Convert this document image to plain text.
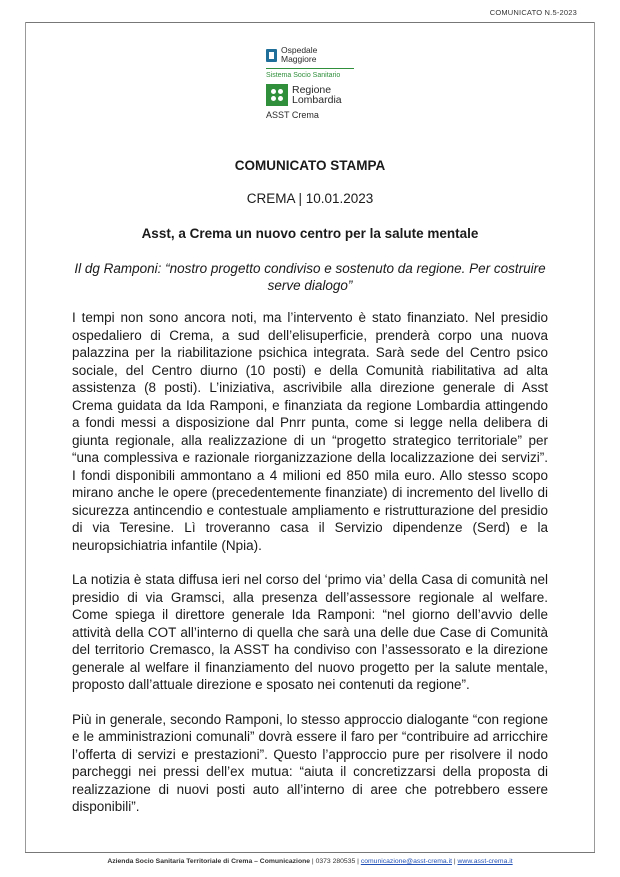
COMUNICATO N.5-2023
Ospedale
Maggiore
Sistema Socio Sanitario
Regione
Lombardia
ASST Crema
COMUNICATO STAMPA
CREMA | 10.01.2023
Asst, a Crema un nuovo centro per la salute mentale
Il dg Ramponi: “nostro progetto condiviso e sostenuto da regione. Per costruire serve dialogo”

I tempi non sono ancora noti, ma l’intervento è stato finanziato. Nel presidio ospedaliero di Crema, a sud dell’elisuperficie, prenderà corpo una nuova palazzina per la riabilitazione psichica integrata. Sarà sede del Centro psico sociale, del Centro diurno (10 posti) e della Comunità riabilitativa ad alta assistenza (8 posti). L’iniziativa, ascrivibile alla direzione generale di Asst Crema guidata da Ida Ramponi, e finanziata da regione Lombardia attingendo a fondi messi a disposizione dal Pnrr punta, come si legge nella delibera di giunta regionale, alla realizzazione di un “progetto strategico territoriale” per “una complessiva e razionale riorganizzazione della localizzazione dei servizi”. I fondi disponibili ammontano a 4 milioni ed 850 mila euro. Allo stesso scopo mirano anche le opere (precedentemente finanziate) di incremento del livello di sicurezza antincendio e contestuale ampliamento e ristrutturazione del presidio di via Teresine. Lì troveranno casa il Servizio dipendenze (Serd) e la neuropsichiatria infantile (Npia).

La notizia è stata diffusa ieri nel corso del ‘primo via’ della Casa di comunità nel presidio di via Gramsci, alla presenza dell’assessore regionale al welfare. Come spiega il direttore generale Ida Ramponi: “nel giorno dell’avvio delle attività della COT all’interno di quella che sarà una delle due Case di Comunità del territorio Cremasco, la ASST ha condiviso con l’assessorato e la direzione generale al welfare il finanziamento del nuovo progetto per la salute mentale, proposto dall’attuale direzione e sposato nei contenuti da regione”.

Più in generale, secondo Ramponi, lo stesso approccio dialogante “con regione e le amministrazioni comunali” dovrà essere il faro per “contribuire ad arricchire l’offerta di servizi e prestazioni”. Questo l’approccio pure per risolvere il nodo parcheggi nei pressi dell’ex mutua: “aiuta il concretizzarsi della proposta di realizzazione di nuovi posti auto all’interno di aree che potrebbero essere disponibili”.

Azienda Socio Sanitaria Territoriale di Crema – Comunicazione | 0373 280535 | comunicazione@asst-crema.it | www.asst-crema.it
